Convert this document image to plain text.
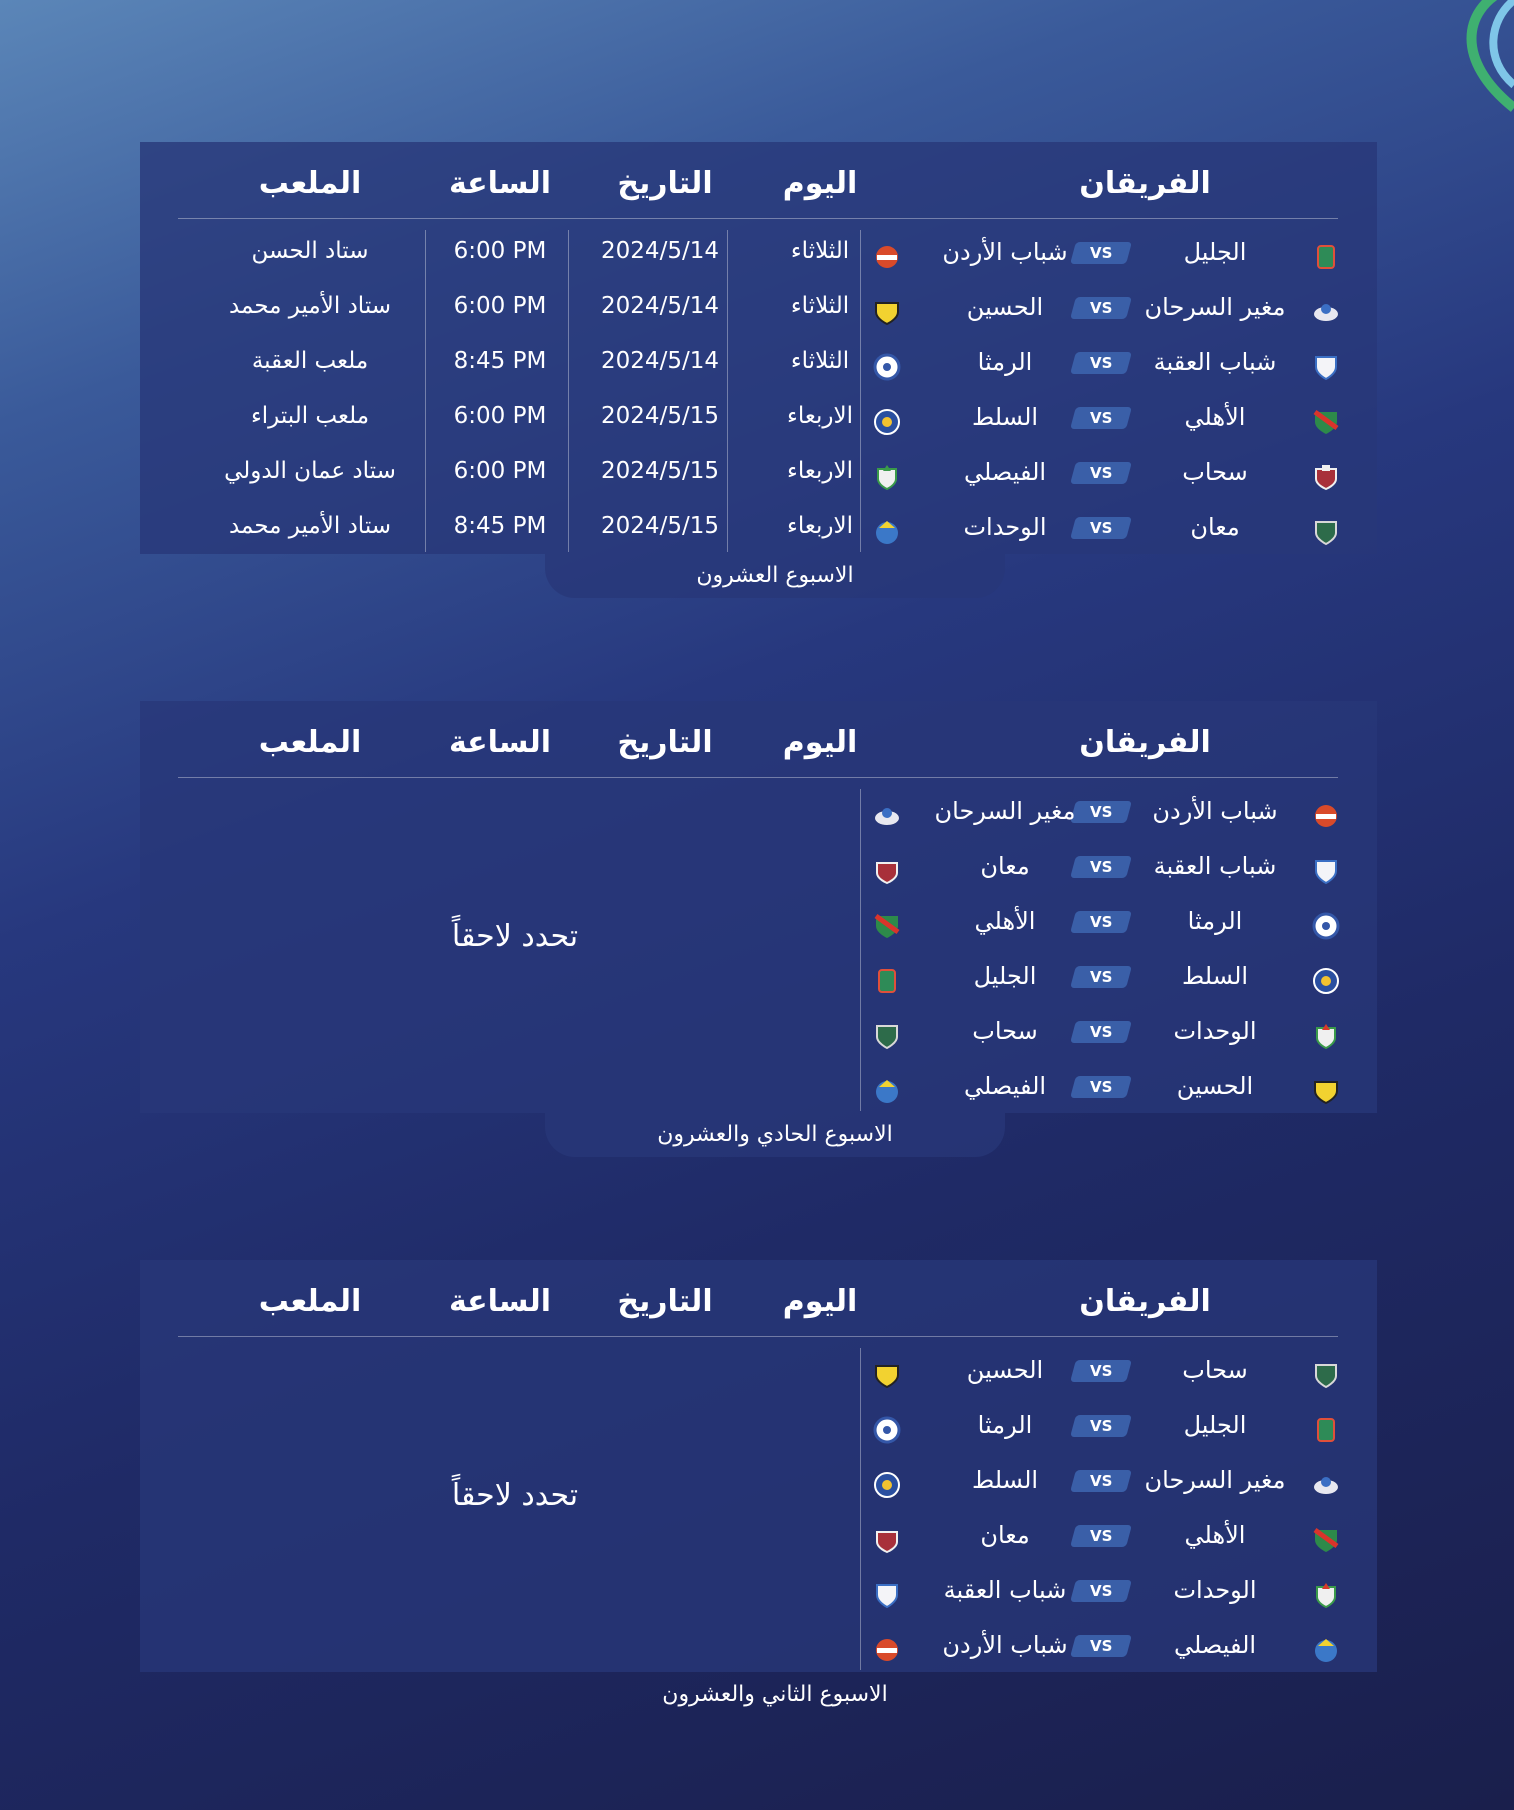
الفريقان
اليوم
التاريخ
الساعة
الملعب
الجليل
VS
شباب الأردن
الثلاثاء
2024/5/14
6:00 PM
ستاد الحسن
مغير السرحان
VS
الحسين
الثلاثاء
2024/5/14
6:00 PM
ستاد الأمير محمد
شباب العقبة
VS
الرمثا
الثلاثاء
2024/5/14
8:45 PM
ملعب العقبة
الأهلي
VS
السلط
الاربعاء
2024/5/15
6:00 PM
ملعب البتراء
سحاب
VS
الفيصلي
الاربعاء
2024/5/15
6:00 PM
ستاد عمان الدولي
معان
VS
الوحدات
الاربعاء
2024/5/15
8:45 PM
ستاد الأمير محمد
الاسبوع العشرون
الفريقان
اليوم
التاريخ
الساعة
الملعب
شباب الأردن
VS
مغير السرحان
شباب العقبة
VS
معان
الرمثا
VS
الأهلي
السلط
VS
الجليل
الوحدات
VS
سحاب
الحسين
VS
الفيصلي
تحدد لاحقاً
الاسبوع الحادي والعشرون
الفريقان
اليوم
التاريخ
الساعة
الملعب
سحاب
VS
الحسين
الجليل
VS
الرمثا
مغير السرحان
VS
السلط
الأهلي
VS
معان
الوحدات
VS
شباب العقبة
الفيصلي
VS
شباب الأردن
تحدد لاحقاً
الاسبوع الثاني والعشرون
